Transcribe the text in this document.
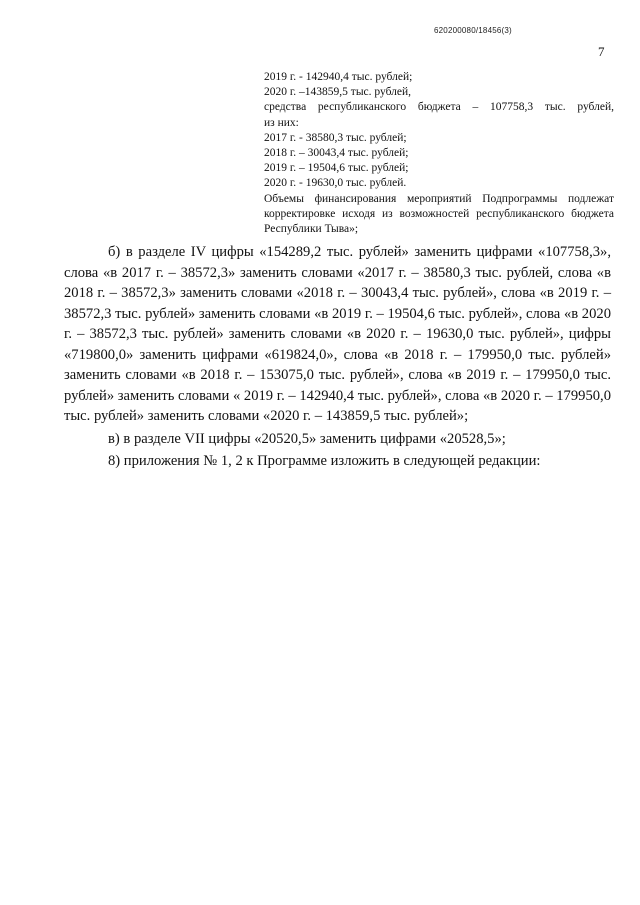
620200080/18456(3)
7
2019 г. - 142940,4 тыс. рублей;
2020 г. –143859,5 тыс. рублей,
средства республиканского бюджета – 107758,3 тыс. рублей,
из них:
2017 г. - 38580,3 тыс. рублей;
2018 г. – 30043,4 тыс. рублей;
2019 г. – 19504,6 тыс. рублей;
2020 г. - 19630,0 тыс. рублей.
Объемы финансирования мероприятий Подпрограммы подлежат корректировке исходя из возможностей республиканского бюджета Республики Тыва»;

б) в разделе IV цифры «154289,2 тыс. рублей» заменить цифрами «107758,3», слова «в 2017 г. – 38572,3» заменить словами «2017 г. – 38580,3 тыс. рублей, слова «в 2018 г. – 38572,3» заменить словами «2018 г. – 30043,4 тыс. рублей», слова «в 2019 г. – 38572,3 тыс. рублей» заменить словами «в 2019 г. – 19504,6 тыс. рублей», слова «в 2020 г. – 38572,3 тыс. рублей» заменить словами «в 2020 г. – 19630,0 тыс. рублей», цифры «719800,0» заменить цифрами «619824,0», слова «в 2018 г. – 179950,0 тыс. рублей» заменить словами «в 2018 г. – 153075,0 тыс. рублей», слова «в 2019 г. – 179950,0 тыс. рублей» заменить словами « 2019 г. – 142940,4 тыс. рублей», слова «в 2020 г. – 179950,0 тыс. рублей» заменить словами «2020 г. – 143859,5 тыс. рублей»;

в) в разделе VII цифры «20520,5» заменить цифрами «20528,5»;

8) приложения № 1, 2 к Программе изложить в следующей редакции:
